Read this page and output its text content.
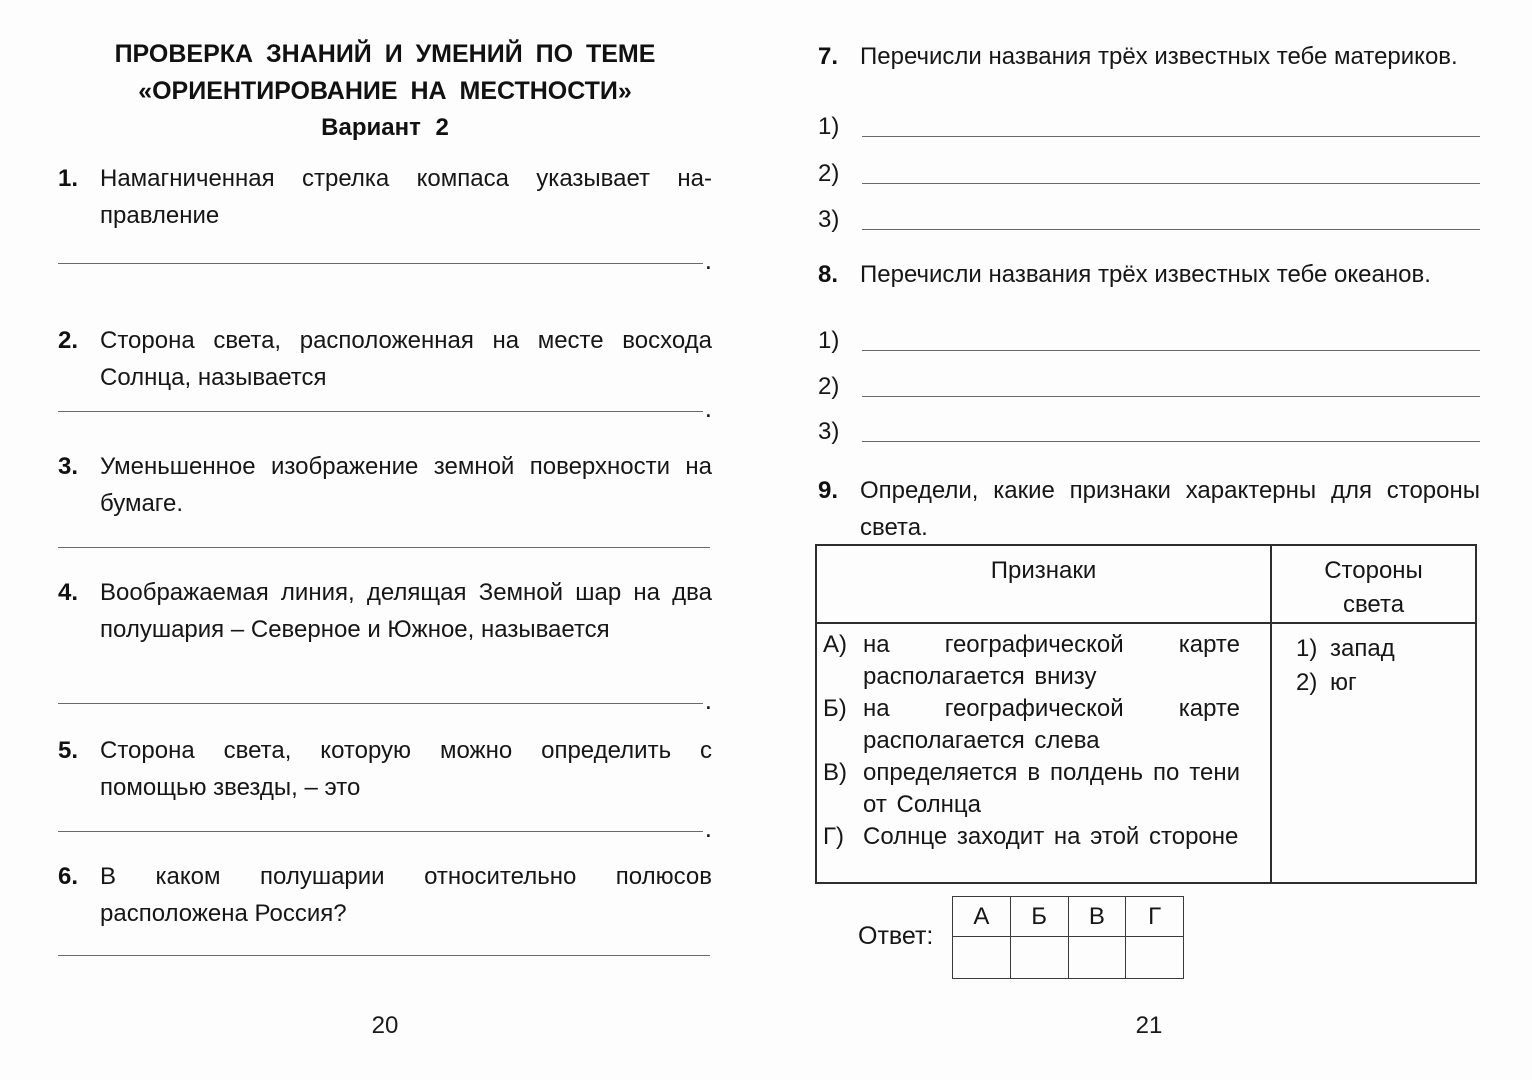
ПРОВЕРКА ЗНАНИЙ И УМЕНИЙ ПО ТЕМЕ
«ОРИЕНТИРОВАНИЕ НА МЕСТНОСТИ»
Вариант 2
1. Намагниченная стрелка компаса указывает направление
.
2. Сторона света, расположенная на месте восхода Солнца, называется
.
3. Уменьшенное изображение земной поверхности на бумаге.
4. Воображаемая линия, делящая Земной шар на два полушария – Северное и Южное, называется
.
5. Сторона света, которую можно определить с помощью звезды, – это
.
6. В каком полушарии относительно полюсов расположена Россия?
20
7. Перечисли названия трёх известных тебе материков.
1)
2)
3)
8. Перечисли названия трёх известных тебе океанов.
1)
2)
3)
9. Определи, какие признаки характерны для стороны света.
Признаки	Стороны света

А) на географической карте располагается внизу
Б) на географической карте располагается слева
В) определяется в полдень по тени от Солнца
Г) Солнце заходит на этой стороне

1) запад
2) юг
Ответ:
А	Б	В	Г

21
